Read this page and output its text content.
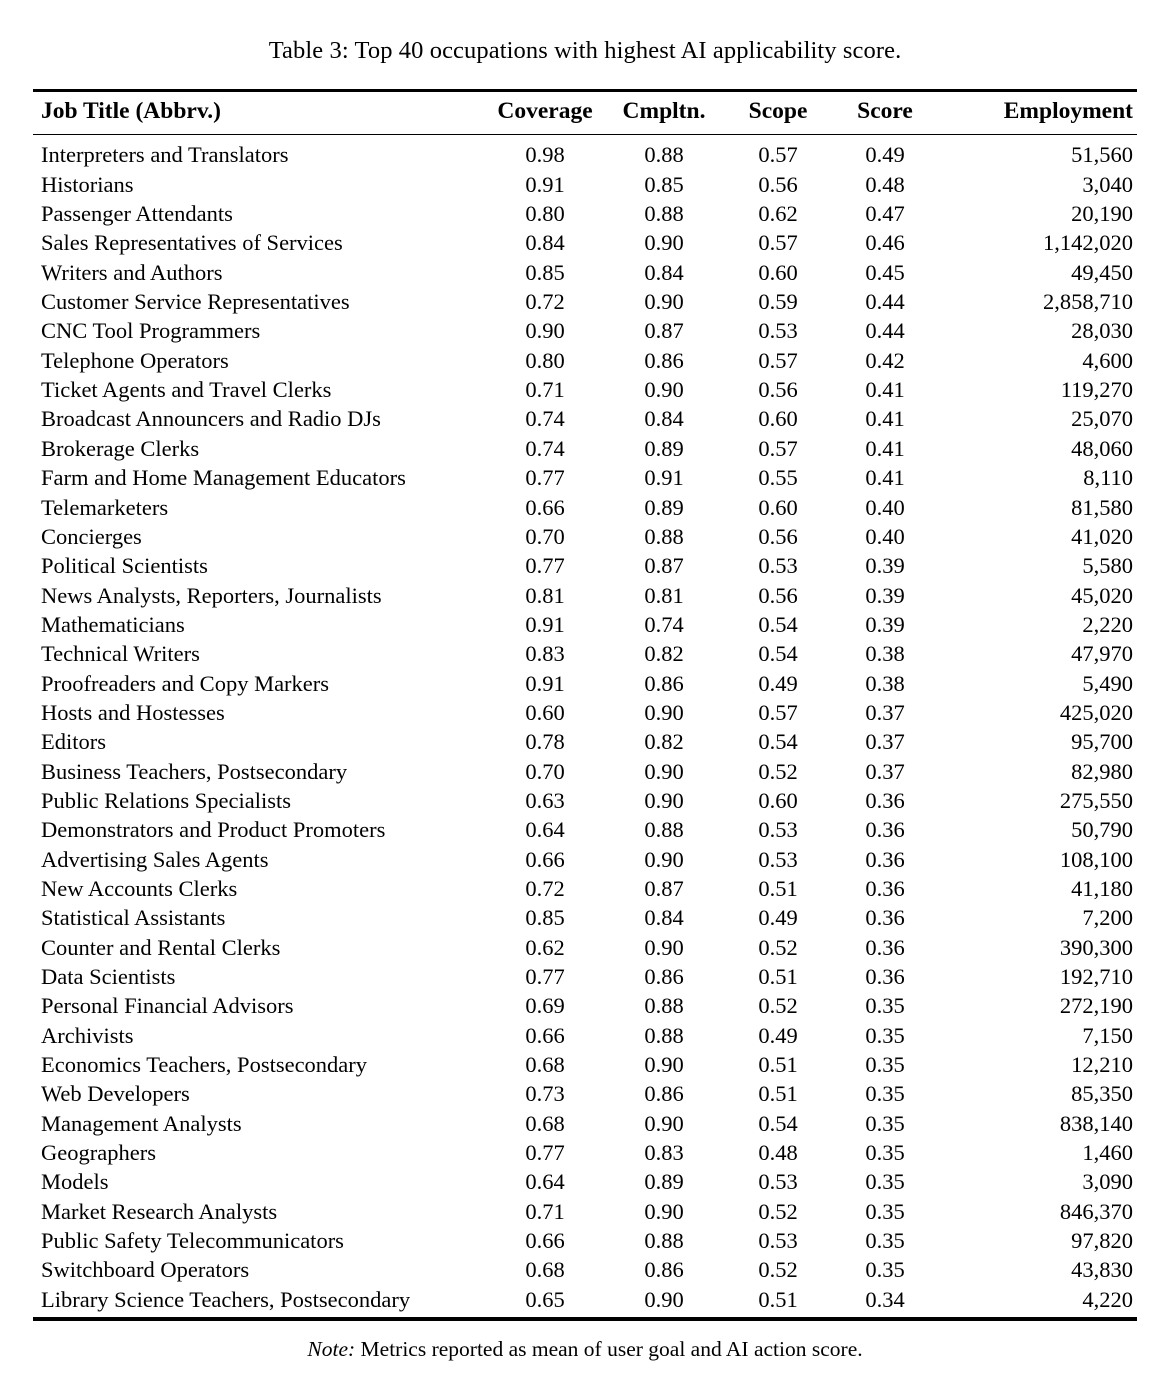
Table 3: Top 40 occupations with highest AI applicability score.

Job Title (Abbrv.)	Coverage	Cmpltn.	Scope	Score	Employment

Interpreters and Translators	0.98	0.88	0.57	0.49	51,560
Historians	0.91	0.85	0.56	0.48	3,040
Passenger Attendants	0.80	0.88	0.62	0.47	20,190
Sales Representatives of Services	0.84	0.90	0.57	0.46	1,142,020
Writers and Authors	0.85	0.84	0.60	0.45	49,450
Customer Service Representatives	0.72	0.90	0.59	0.44	2,858,710
CNC Tool Programmers	0.90	0.87	0.53	0.44	28,030
Telephone Operators	0.80	0.86	0.57	0.42	4,600
Ticket Agents and Travel Clerks	0.71	0.90	0.56	0.41	119,270
Broadcast Announcers and Radio DJs	0.74	0.84	0.60	0.41	25,070
Brokerage Clerks	0.74	0.89	0.57	0.41	48,060
Farm and Home Management Educators	0.77	0.91	0.55	0.41	8,110
Telemarketers	0.66	0.89	0.60	0.40	81,580
Concierges	0.70	0.88	0.56	0.40	41,020
Political Scientists	0.77	0.87	0.53	0.39	5,580
News Analysts, Reporters, Journalists	0.81	0.81	0.56	0.39	45,020
Mathematicians	0.91	0.74	0.54	0.39	2,220
Technical Writers	0.83	0.82	0.54	0.38	47,970
Proofreaders and Copy Markers	0.91	0.86	0.49	0.38	5,490
Hosts and Hostesses	0.60	0.90	0.57	0.37	425,020
Editors	0.78	0.82	0.54	0.37	95,700
Business Teachers, Postsecondary	0.70	0.90	0.52	0.37	82,980
Public Relations Specialists	0.63	0.90	0.60	0.36	275,550
Demonstrators and Product Promoters	0.64	0.88	0.53	0.36	50,790
Advertising Sales Agents	0.66	0.90	0.53	0.36	108,100
New Accounts Clerks	0.72	0.87	0.51	0.36	41,180
Statistical Assistants	0.85	0.84	0.49	0.36	7,200
Counter and Rental Clerks	0.62	0.90	0.52	0.36	390,300
Data Scientists	0.77	0.86	0.51	0.36	192,710
Personal Financial Advisors	0.69	0.88	0.52	0.35	272,190
Archivists	0.66	0.88	0.49	0.35	7,150
Economics Teachers, Postsecondary	0.68	0.90	0.51	0.35	12,210
Web Developers	0.73	0.86	0.51	0.35	85,350
Management Analysts	0.68	0.90	0.54	0.35	838,140
Geographers	0.77	0.83	0.48	0.35	1,460
Models	0.64	0.89	0.53	0.35	3,090
Market Research Analysts	0.71	0.90	0.52	0.35	846,370
Public Safety Telecommunicators	0.66	0.88	0.53	0.35	97,820
Switchboard Operators	0.68	0.86	0.52	0.35	43,830
Library Science Teachers, Postsecondary	0.65	0.90	0.51	0.34	4,220

Note: Metrics reported as mean of user goal and AI action score.
